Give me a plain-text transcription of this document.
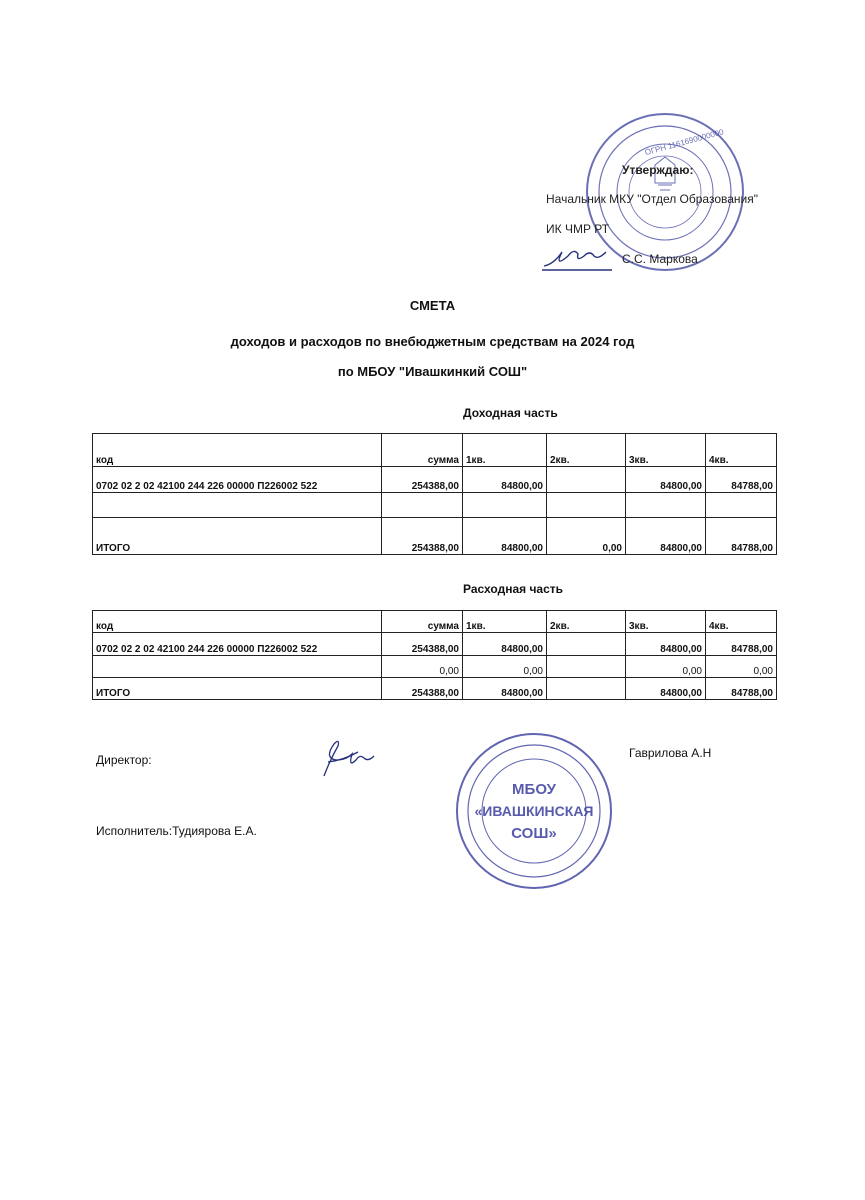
ОГРН 1161690000000
Утверждаю:
Начальник МКУ "Отдел Образования"
ИК ЧМР РТ
С.С. Маркова
СМЕТА
доходов и расходов по внебюджетным средствам на 2024 год
по МБОУ "Ивашкинкий СОШ"
Доходная часть
код	сумма	1кв.	2кв.	3кв.	4кв.
0702 02 2 02 42100 244 226 00000 П226002 522	254388,00	84800,00		84800,00	84788,00

ИТОГО	254388,00	84800,00	0,00	84800,00	84788,00
Расходная часть
код	сумма	1кв.	2кв.	3кв.	4кв.
0702 02 2 02 42100 244 226 00000 П226002 522	254388,00	84800,00		84800,00	84788,00
	0,00	0,00		0,00	0,00
ИТОГО	254388,00	84800,00		84800,00	84788,00
Директор:	Гаврилова А.Н
Исполнитель:Тудиярова Е.А.
МБОУ
«ИВАШКИНСКАЯ
СОШ»
